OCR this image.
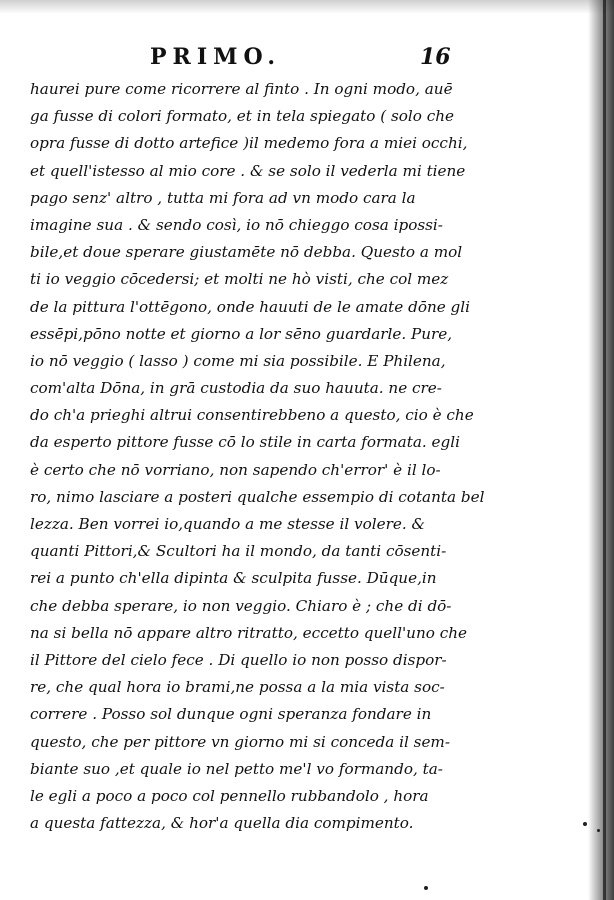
PRIMO.	16
haurei pure come ricorrere al finto . In ogni modo, auē
ga fusse di colori formato, et in tela spiegato ( solo che
opra fusse di dotto artefice )il medemo fora a miei occhi,
et quell'istesso al mio core . & se solo il vederla mi tiene
pago senz' altro , tutta mi fora ad vn modo cara la
imagine sua . & sendo così, io nō chieggo cosa ipossi-
bile,et doue sperare giustamēte nō debba. Questo a mol
ti io veggio cōcedersi; et molti ne hò visti, che col mez
de la pittura l'ottēgono, onde hauuti de le amate dōne gli
essēpi,pōno notte et giorno a lor sēno guardarle. Pure,
io nō veggio ( lasso ) come mi sia possibile. E Philena,
com'alta Dōna, in grā custodia da suo hauuta. ne cre-
do ch'a prieghi altrui consentirebbeno a questo, cio è che
da esperto pittore fusse cō lo stile in carta formata. egli
è certo che nō vorriano, non sapendo ch'error' è il lo-
ro, nimo lasciare a posteri qualche essempio di cotanta bel
lezza. Ben vorrei io,quando a me stesse il volere. &
quanti Pittori,& Scultori ha il mondo, da tanti cōsenti-
rei a punto ch'ella dipinta & sculpita fusse. Dūque,in
che debba sperare, io non veggio. Chiaro è ; che di dō-
na si bella nō appare altro ritratto, eccetto quell'uno che
il Pittore del cielo fece . Di quello io non posso dispor-
re, che qual hora io brami,ne possa a la mia vista soc-
correre . Posso sol dunque ogni speranza fondare in
questo, che per pittore vn giorno mi si conceda il sem-
biante suo ,et quale io nel petto me'l vo formando, ta-
le egli a poco a poco col pennello rubbandolo , hora
a questa fattezza, & hor'a quella dia compimento.
